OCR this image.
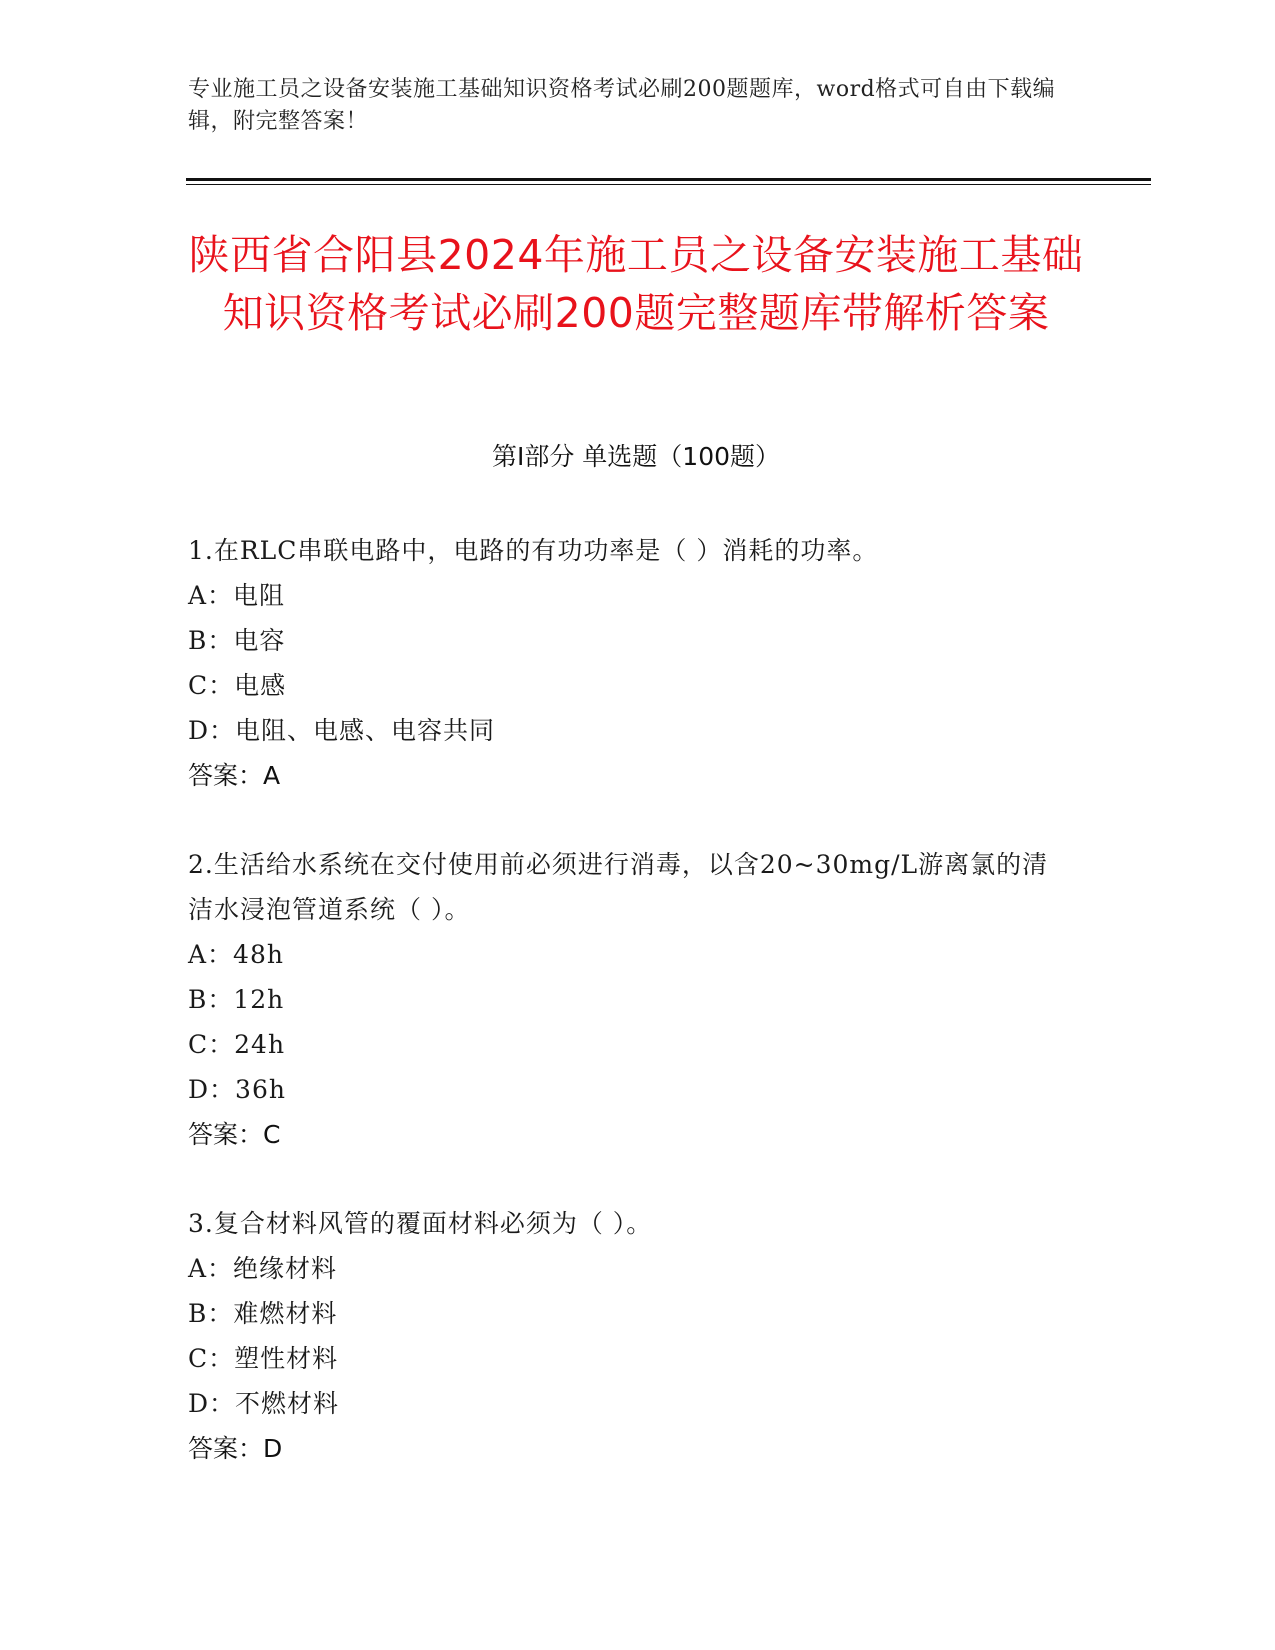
专业施工员之设备安装施工基础知识资格考试必刷200题题库，word格式可自由下载编辑，附完整答案！
陕西省合阳县2024年施工员之设备安装施工基础知识资格考试必刷200题完整题库带解析答案
第Ⅰ部分 单选题（100题）
1.在RLC串联电路中，电路的有功功率是（ ）消耗的功率。
A：电阻
B：电容
C：电感
D：电阻、电感、电容共同
答案：A
2.生活给水系统在交付使用前必须进行消毒，以含20~30mg/L游离氯的清洁水浸泡管道系统（ ）。
A：48h
B：12h
C：24h
D：36h
答案：C
3.复合材料风管的覆面材料必须为（ ）。
A：绝缘材料
B：难燃材料
C：塑性材料
D：不燃材料
答案：D
